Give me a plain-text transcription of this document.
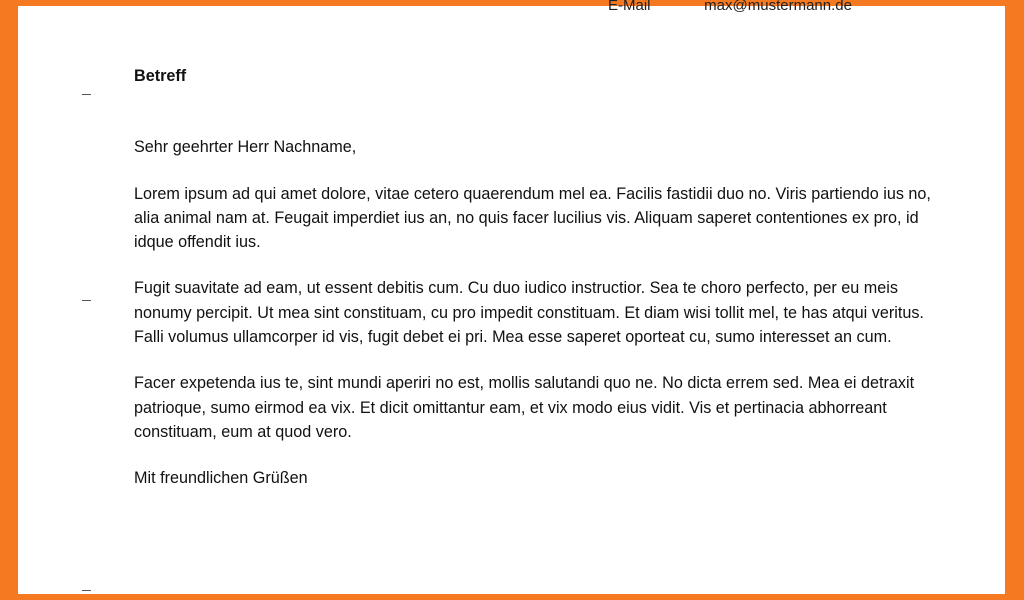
E-Mail	max@mustermann.de

Betreff

Sehr geehrter Herr Nachname,

Lorem ipsum ad qui amet dolore, vitae cetero quaerendum mel ea. Facilis fastidii duo no. Viris partiendo ius no, alia animal nam at. Feugait imperdiet ius an, no quis facer lucilius vis. Aliquam saperet contentiones ex pro, id idque offendit ius.

Fugit suavitate ad eam, ut essent debitis cum. Cu duo iudico instructior. Sea te choro perfecto, per eu meis nonumy percipit. Ut mea sint constituam, cu pro impedit constituam. Et diam wisi tollit mel, te has atqui veritus. Falli volumus ullamcorper id vis, fugit debet ei pri. Mea esse saperet oporteat cu, sumo interesset an cum.

Facer expetenda ius te, sint mundi aperiri no est, mollis salutandi quo ne. No dicta errem sed. Mea ei detraxit patrioque, sumo eirmod ea vix. Et dicit omittantur eam, et vix modo eius vidit. Vis et pertinacia abhorreant constituam, eum at quod vero.

Mit freundlichen Grüßen
